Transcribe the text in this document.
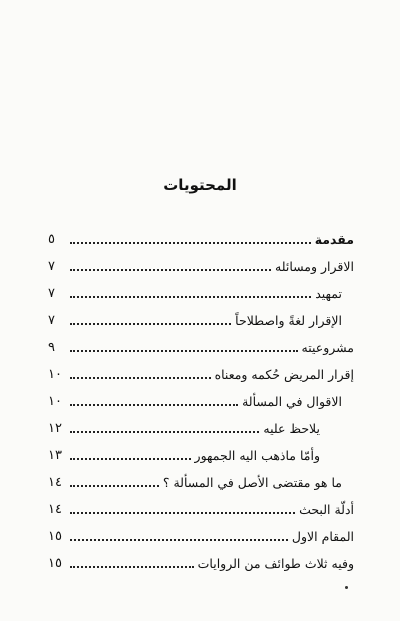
المحتويات
مقدمة
٥
الاقرار ومسائله
٧
تمهيد
٧
الإقرار لغةً واصطلاحاً
٧
مشروعيته
٩
إقرار المريض حُكمه ومعناه
١٠
الاقوال في المسألة
١٠
يلاحظ عليه
١٢
وأمّا ماذهب اليه الجمهور
١٣
ما هو مقتضى الأصل في المسألة ؟
١٤
أدلّة البحث
١٤
المقام الاول
١٥
وفيه ثلاث طوائف من الروايات
١٥
